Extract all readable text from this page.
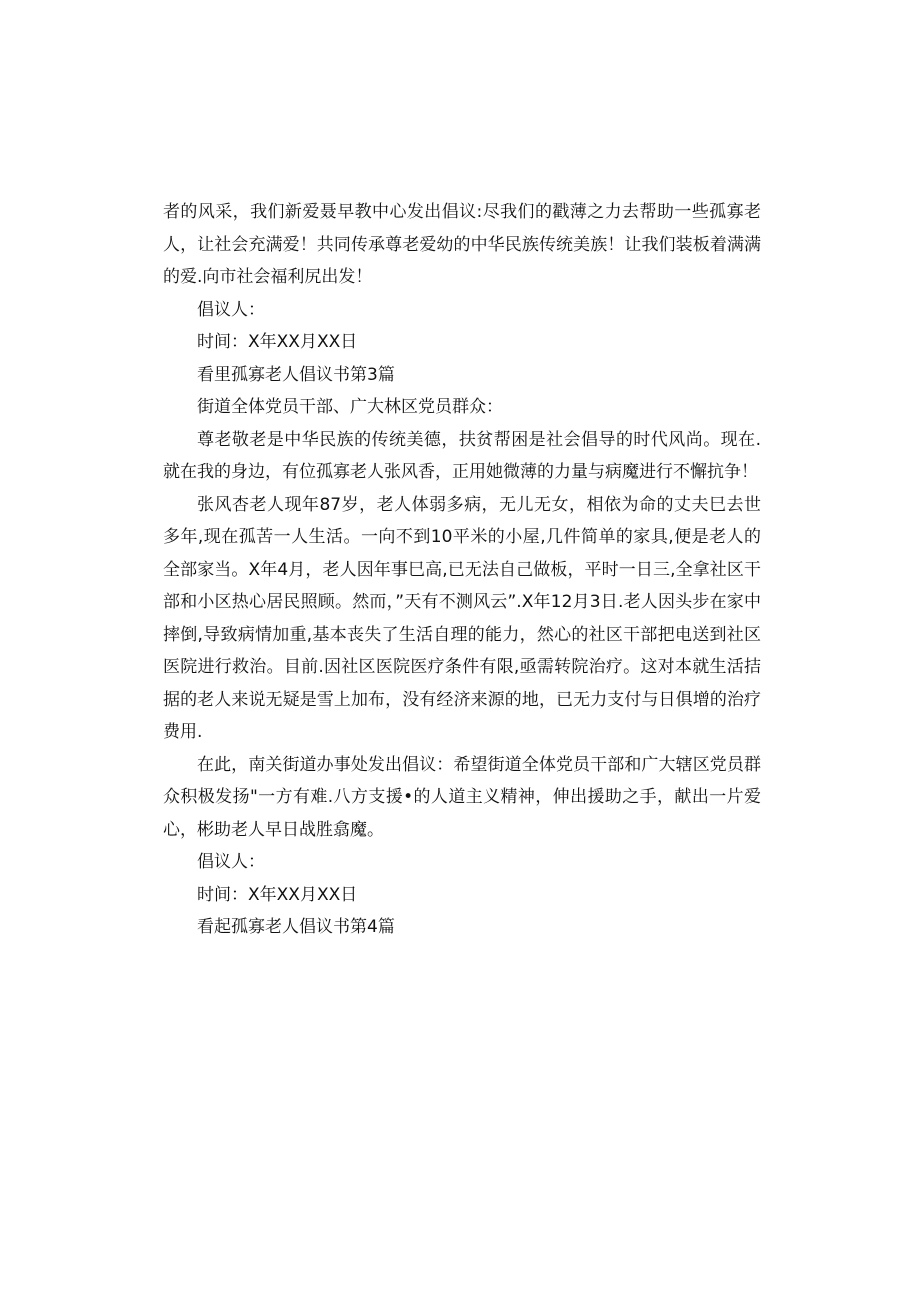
者的风采，我们新爱聂早教中心发出倡议:尽我们的戳薄之力去帮助一些孤寡老人，让社会充满爱！共同传承尊老爱幼的中华民族传统美族！让我们装板着满满的爱.向市社会福利尻出发！

倡议人：

时间：X年XX月XX日

看里孤寡老人倡议书第3篇

街道全体党员干部、广大林区党员群众：

尊老敬老是中华民族的传统美德，扶贫帮困是社会倡导的时代风尚。现在.就在我的身边，有位孤寡老人张风香，正用她微薄的力量与病魔进行不懈抗争！

张风杏老人现年87岁，老人体弱多病，无儿无女，相依为命的丈夫巳去世多年,现在孤苦一人生活。一向不到10平米的小屋,几件简单的家具,便是老人的全部家当。X年4月，老人因年事巳高,已无法自己做板，平时一日三,全拿社区干部和小区热心居民照顾。然而，”天有不测风云”.X年12月3日.老人因头步在家中摔倒,导致病情加重,基本丧失了生活自理的能力，然心的社区干部把电送到社区医院进行救治。目前.因社区医院医疗条件有限,亟需转院治疗。这对本就生活拮据的老人来说无疑是雪上加布，没有经济来源的地，已无力支付与日俱增的治疗费用.

在此，南关街道办事处发出倡议：希望街道全体党员干部和广大辖区党员群众积极发扬"一方有难.八方支援•的人道主义精神，伸出援助之手，献出一片爱心，彬助老人早日战胜翕魔。

倡议人：

时间：X年XX月XX日

看起孤寡老人倡议书第4篇
